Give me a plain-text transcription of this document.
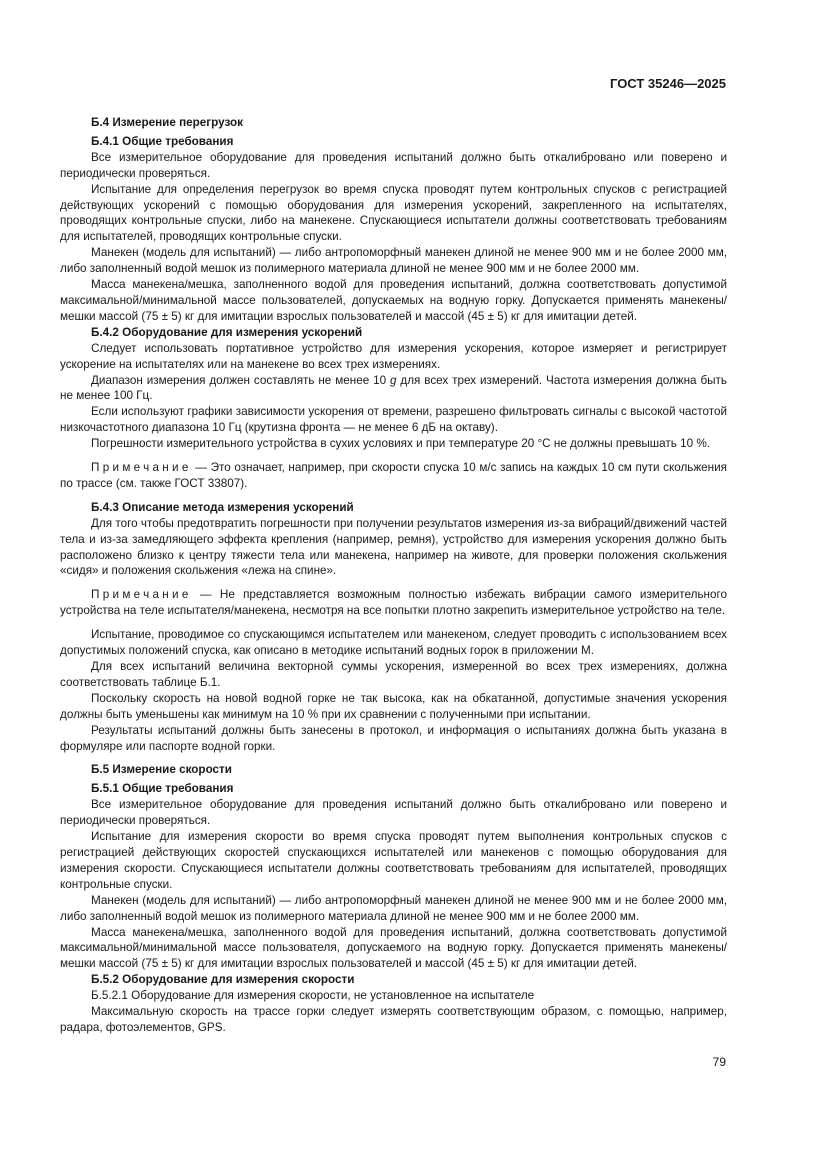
ГОСТ 35246—2025

Б.4 Измерение перегрузок

Б.4.1 Общие требования

Все измерительное оборудование для проведения испытаний должно быть откалибровано или поверено и периодически проверяться.

Испытание для определения перегрузок во время спуска проводят путем контрольных спусков с регистрацией действующих ускорений с помощью оборудования для измерения ускорений, закрепленного на испытателях, проводящих контрольные спуски, либо на манекене. Спускающиеся испытатели должны соответствовать требованиям для испытателей, проводящих контрольные спуски.

Манекен (модель для испытаний) — либо антропоморфный манекен длиной не менее 900 мм и не более 2000 мм, либо заполненный водой мешок из полимерного материала длиной не менее 900 мм и не более 2000 мм.

Масса манекена/мешка, заполненного водой для проведения испытаний, должна соответствовать допустимой максимальной/минимальной массе пользователей, допускаемых на водную горку. Допускается применять манекены/мешки массой (75 ± 5) кг для имитации взрослых пользователей и массой (45 ± 5) кг для имитации детей.

Б.4.2 Оборудование для измерения ускорений

Следует использовать портативное устройство для измерения ускорения, которое измеряет и регистрирует ускорение на испытателях или на манекене во всех трех измерениях.

Диапазон измерения должен составлять не менее 10 g для всех трех измерений. Частота измерения должна быть не менее 100 Гц.

Если используют графики зависимости ускорения от времени, разрешено фильтровать сигналы с высокой частотой низкочастотного диапазона 10 Гц (крутизна фронта — не менее 6 дБ на октаву).

Погрешности измерительного устройства в сухих условиях и при температуре 20 °С не должны превышать 10 %.

Примечание — Это означает, например, при скорости спуска 10 м/с запись на каждых 10 см пути скольжения по трассе (см. также ГОСТ 33807).

Б.4.3 Описание метода измерения ускорений

Для того чтобы предотвратить погрешности при получении результатов измерения из-за вибраций/движений частей тела и из-за замедляющего эффекта крепления (например, ремня), устройство для измерения ускорения должно быть расположено близко к центру тяжести тела или манекена, например на животе, для проверки положения скольжения «сидя» и положения скольжения «лежа на спине».

Примечание — Не представляется возможным полностью избежать вибрации самого измерительного устройства на теле испытателя/манекена, несмотря на все попытки плотно закрепить измерительное устройство на теле.

Испытание, проводимое со спускающимся испытателем или манекеном, следует проводить с использованием всех допустимых положений спуска, как описано в методике испытаний водных горок в приложении М.

Для всех испытаний величина векторной суммы ускорения, измеренной во всех трех измерениях, должна соответствовать таблице Б.1.

Поскольку скорость на новой водной горке не так высока, как на обкатанной, допустимые значения ускорения должны быть уменьшены как минимум на 10 % при их сравнении с полученными при испытании.

Результаты испытаний должны быть занесены в протокол, и информация о испытаниях должна быть указана в формуляре или паспорте водной горки.

Б.5 Измерение скорости

Б.5.1 Общие требования

Все измерительное оборудование для проведения испытаний должно быть откалибровано или поверено и периодически проверяться.

Испытание для измерения скорости во время спуска проводят путем выполнения контрольных спусков с регистрацией действующих скоростей спускающихся испытателей или манекенов с помощью оборудования для измерения скорости. Спускающиеся испытатели должны соответствовать требованиям для испытателей, проводящих контрольные спуски.

Манекен (модель для испытаний) — либо антропоморфный манекен длиной не менее 900 мм и не более 2000 мм, либо заполненный водой мешок из полимерного материала длиной не менее 900 мм и не более 2000 мм.

Масса манекена/мешка, заполненного водой для проведения испытаний, должна соответствовать допустимой максимальной/минимальной массе пользователя, допускаемого на водную горку. Допускается применять манекены/мешки массой (75 ± 5) кг для имитации взрослых пользователей и массой (45 ± 5) кг для имитации детей.

Б.5.2 Оборудование для измерения скорости

Б.5.2.1 Оборудование для измерения скорости, не установленное на испытателе

Максимальную скорость на трассе горки следует измерять соответствующим образом, с помощью, например, радара, фотоэлементов, GPS.

79
